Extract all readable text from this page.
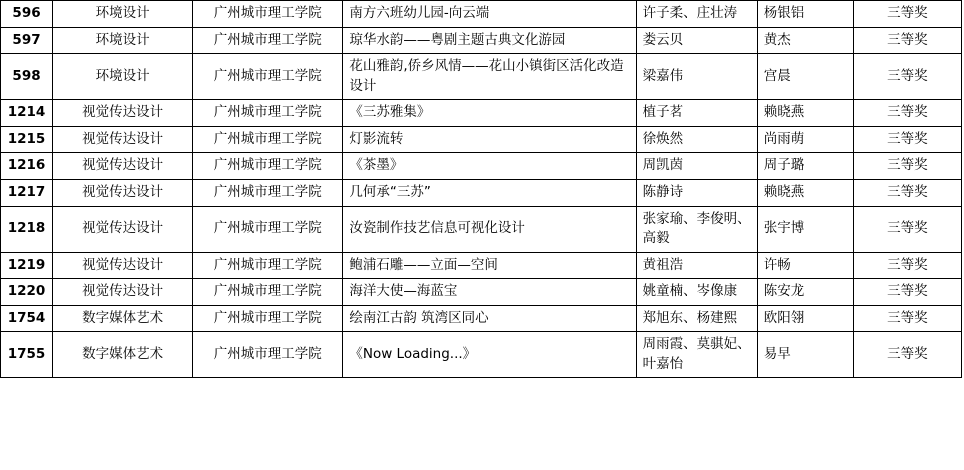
596	环境设计	广州城市理工学院	南方六班幼儿园-向云端	许子柔、庄壮涛	杨银铝	三等奖
597	环境设计	广州城市理工学院	琼华水韵——粤剧主题古典文化游园	娄云贝	黄杰	三等奖
598	环境设计	广州城市理工学院	花山雅韵,侨乡风情——花山小镇街区活化改造设计	梁嘉伟	宫晨	三等奖
1214	视觉传达设计	广州城市理工学院	《三苏雅集》	植子茗	赖晓燕	三等奖
1215	视觉传达设计	广州城市理工学院	灯影流转	徐焕然	尚雨萌	三等奖
1216	视觉传达设计	广州城市理工学院	《茶墨》	周凯茵	周子璐	三等奖
1217	视觉传达设计	广州城市理工学院	几何承“三苏”	陈静诗	赖晓燕	三等奖
1218	视觉传达设计	广州城市理工学院	汝瓷制作技艺信息可视化设计	张家瑜、李俊明、高毅	张宇博	三等奖
1219	视觉传达设计	广州城市理工学院	鲍浦石雕——立面—空间	黄祖浩	许畅	三等奖
1220	视觉传达设计	广州城市理工学院	海洋大使—海蓝宝	姚童楠、岑像康	陈安龙	三等奖
1754	数字媒体艺术	广州城市理工学院	绘南江古韵 筑湾区同心	郑旭东、杨建熙	欧阳翎	三等奖
1755	数字媒体艺术	广州城市理工学院	《Now Loading...》	周雨霞、莫骐妃、叶嘉怡	易早	三等奖
